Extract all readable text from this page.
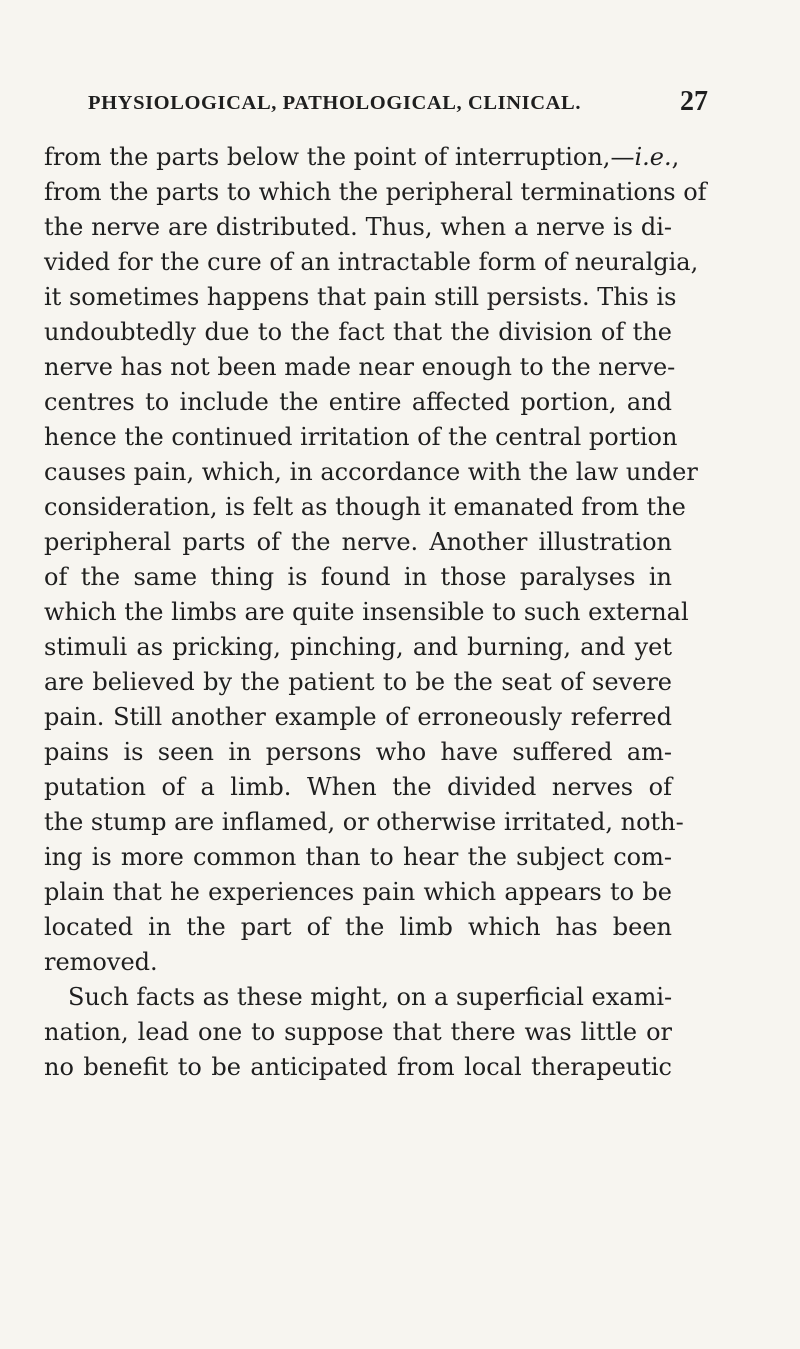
PHYSIOLOGICAL, PATHOLOGICAL, CLINICAL.	27
from the parts below the point of interruption,—i.e.,
from the parts to which the peripheral terminations of
the nerve are distributed. Thus, when a nerve is di-
vided for the cure of an intractable form of neuralgia,
it sometimes happens that pain still persists. This is
undoubtedly due to the fact that the division of the
nerve has not been made near enough to the nerve-
centres to include the entire affected portion, and
hence the continued irritation of the central portion
causes pain, which, in accordance with the law under
consideration, is felt as though it emanated from the
peripheral parts of the nerve. Another illustration
of the same thing is found in those paralyses in
which the limbs are quite insensible to such external
stimuli as pricking, pinching, and burning, and yet
are believed by the patient to be the seat of severe
pain. Still another example of erroneously referred
pains is seen in persons who have suffered am-
putation of a limb. When the divided nerves of
the stump are inflamed, or otherwise irritated, noth-
ing is more common than to hear the subject com-
plain that he experiences pain which appears to be
located in the part of the limb which has been
removed.
Such facts as these might, on a superficial exami-
nation, lead one to suppose that there was little or
no benefit to be anticipated from local therapeutic
